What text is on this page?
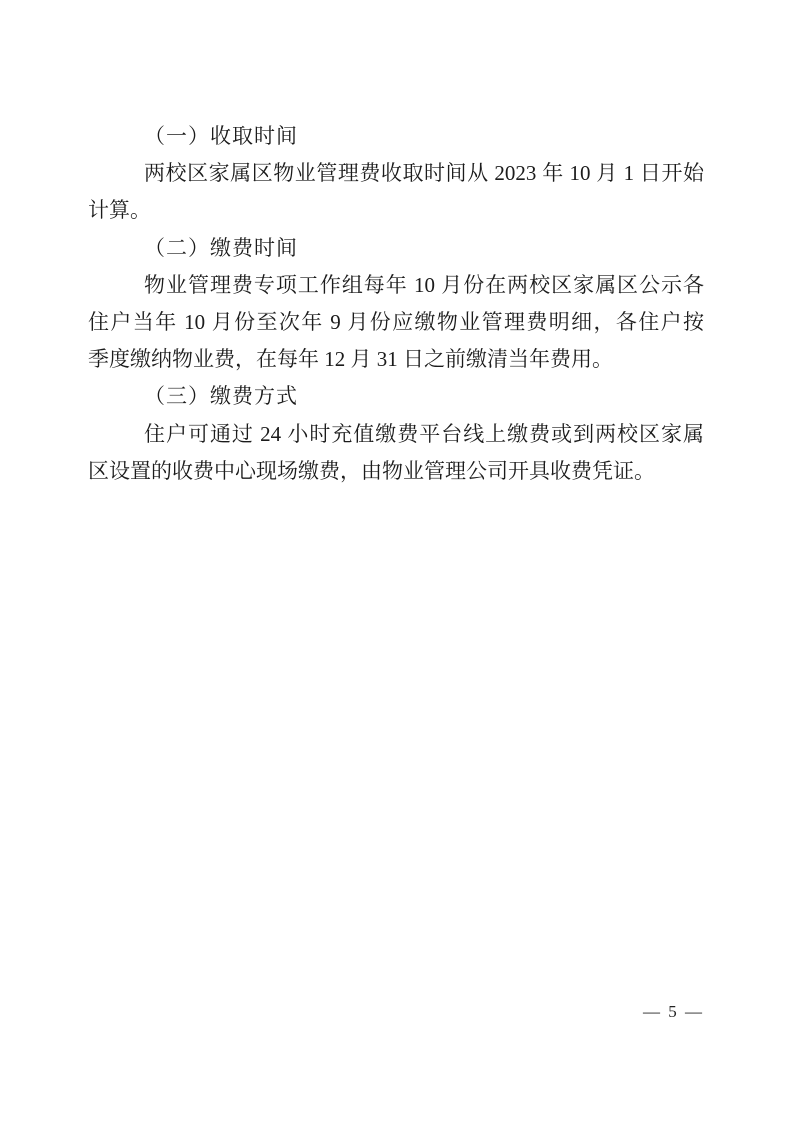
（一）收取时间
两校区家属区物业管理费收取时间从 2023 年 10 月 1 日开始
计算。
（二）缴费时间
物业管理费专项工作组每年 10 月份在两校区家属区公示各
住户当年 10 月份至次年 9 月份应缴物业管理费明细，各住户按
季度缴纳物业费，在每年 12 月 31 日之前缴清当年费用。
（三）缴费方式
住户可通过 24 小时充值缴费平台线上缴费或到两校区家属
区设置的收费中心现场缴费，由物业管理公司开具收费凭证。
— 5 —
